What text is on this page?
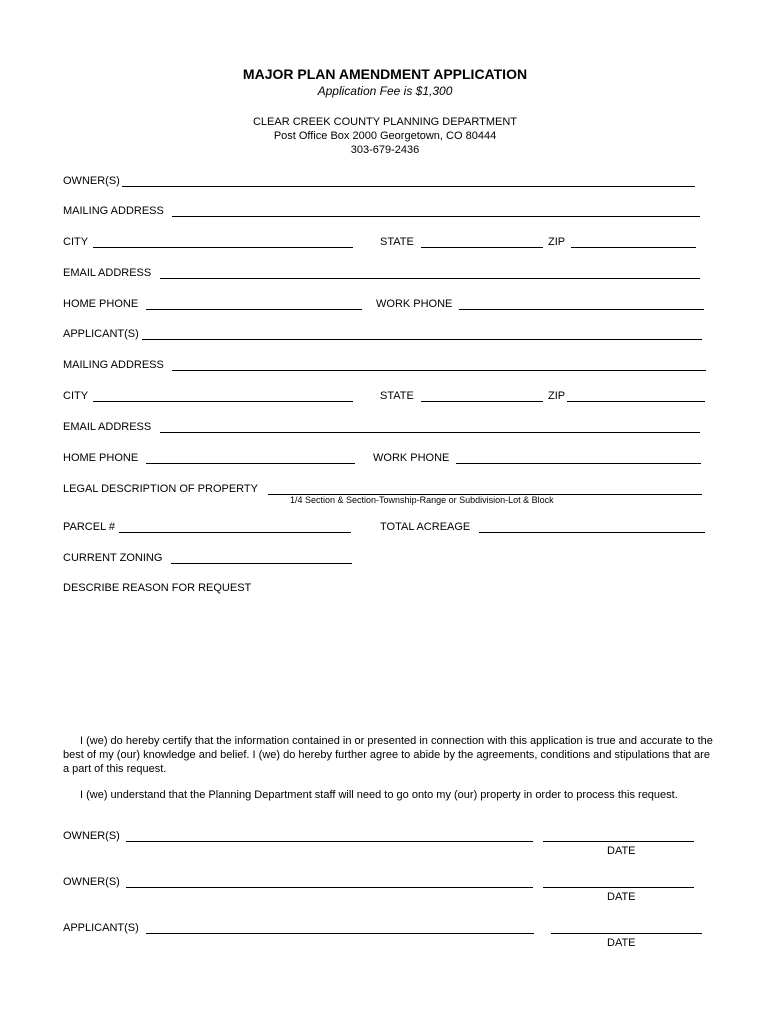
MAJOR PLAN AMENDMENT APPLICATION
Application Fee is $1,300
CLEAR CREEK COUNTY PLANNING DEPARTMENT
Post Office Box 2000 Georgetown, CO 80444
303-679-2436
OWNER(S)
MAILING ADDRESS
CITY	STATE	ZIP
EMAIL ADDRESS
HOME PHONE	WORK PHONE
APPLICANT(S)
MAILING ADDRESS
CITY	STATE	ZIP
EMAIL ADDRESS
HOME PHONE	WORK PHONE
LEGAL DESCRIPTION OF PROPERTY
1/4 Section & Section-Township-Range or Subdivision-Lot & Block
PARCEL #	TOTAL ACREAGE
CURRENT ZONING
DESCRIBE REASON FOR REQUEST
I (we) do hereby certify that the information contained in or presented in connection with this application is true and accurate to the best of my (our) knowledge and belief. I (we) do hereby further agree to abide by the agreements, conditions and stipulations that are a part of this request.
I (we) understand that the Planning Department staff will need to go onto my (our) property in order to process this request.
OWNER(S)
DATE
OWNER(S)
DATE
APPLICANT(S)
DATE
